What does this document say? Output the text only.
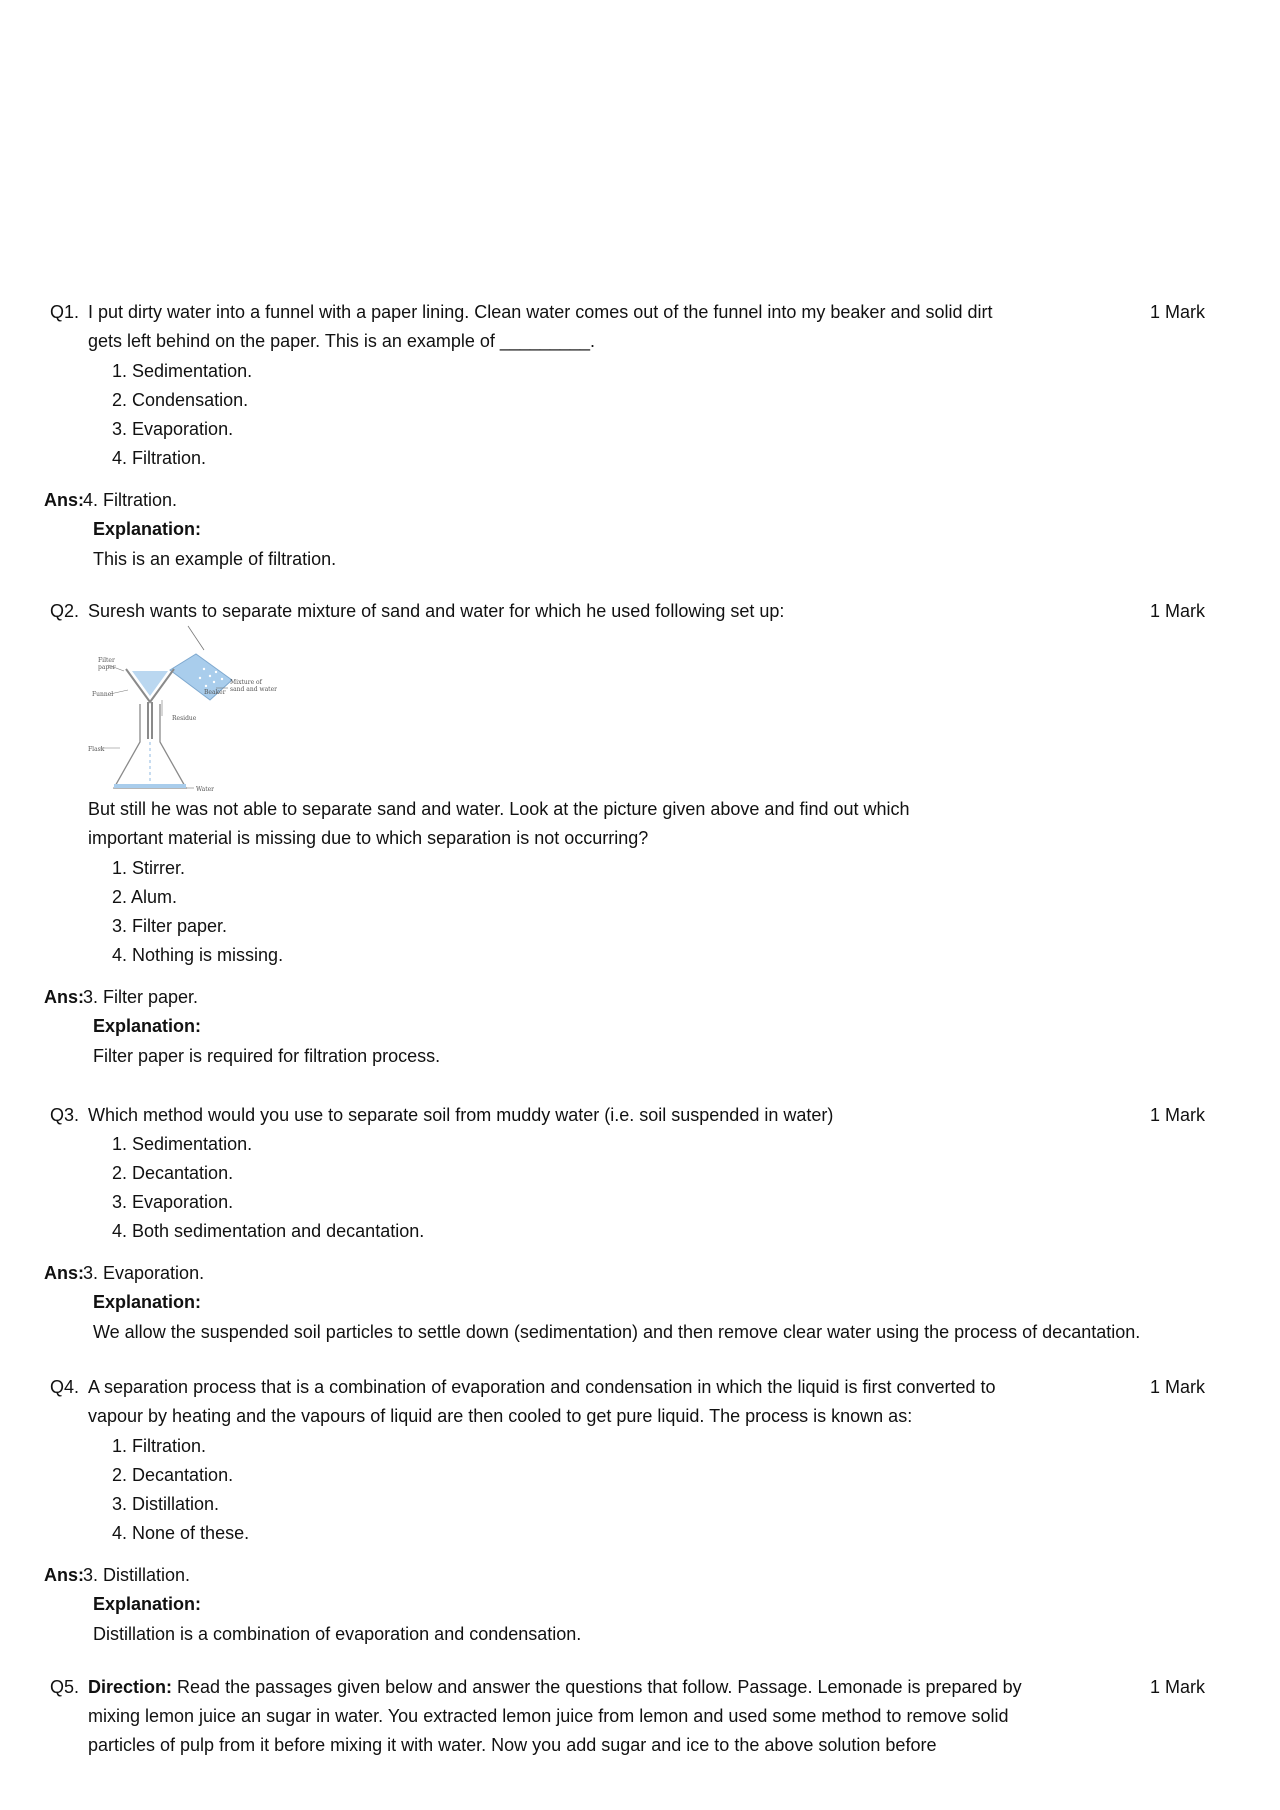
Q1. I put dirty water into a funnel with a paper lining. Clean water comes out of the funnel into my beaker and solid dirt gets left behind on the paper. This is an example of _________.
1 Mark
1. Sedimentation.
2. Condensation.
3. Evaporation.
4. Filtration.
Ans: 4. Filtration.
Explanation:
This is an example of filtration.
Q2. Suresh wants to separate mixture of sand and water for which he used following set up:	1 Mark
Filter
paper
Funnel
Residue
Beaker
Mixture of
sand and water
Flask
Water
But still he was not able to separate sand and water. Look at the picture given above and find out which important material is missing due to which separation is not occurring?
1. Stirrer.
2. Alum.
3. Filter paper.
4. Nothing is missing.
Ans: 3. Filter paper.
Explanation:
Filter paper is required for filtration process.
Q3. Which method would you use to separate soil from muddy water (i.e. soil suspended in water)	1 Mark
1. Sedimentation.
2. Decantation.
3. Evaporation.
4. Both sedimentation and decantation.
Ans: 3. Evaporation.
Explanation:
We allow the suspended soil particles to settle down (sedimentation) and then remove clear water using the process of decantation.
Q4. A separation process that is a combination of evaporation and condensation in which the liquid is first converted to vapour by heating and the vapours of liquid are then cooled to get pure liquid. The process is known as:
1 Mark
1. Filtration.
2. Decantation.
3. Distillation.
4. None of these.
Ans: 3. Distillation.
Explanation:
Distillation is a combination of evaporation and condensation.
Q5. Direction: Read the passages given below and answer the questions that follow. Passage. Lemonade is prepared by mixing lemon juice an sugar in water. You extracted lemon juice from lemon and used some method to remove solid particles of pulp from it before mixing it with water. Now you add sugar and ice to the above solution before
1 Mark
